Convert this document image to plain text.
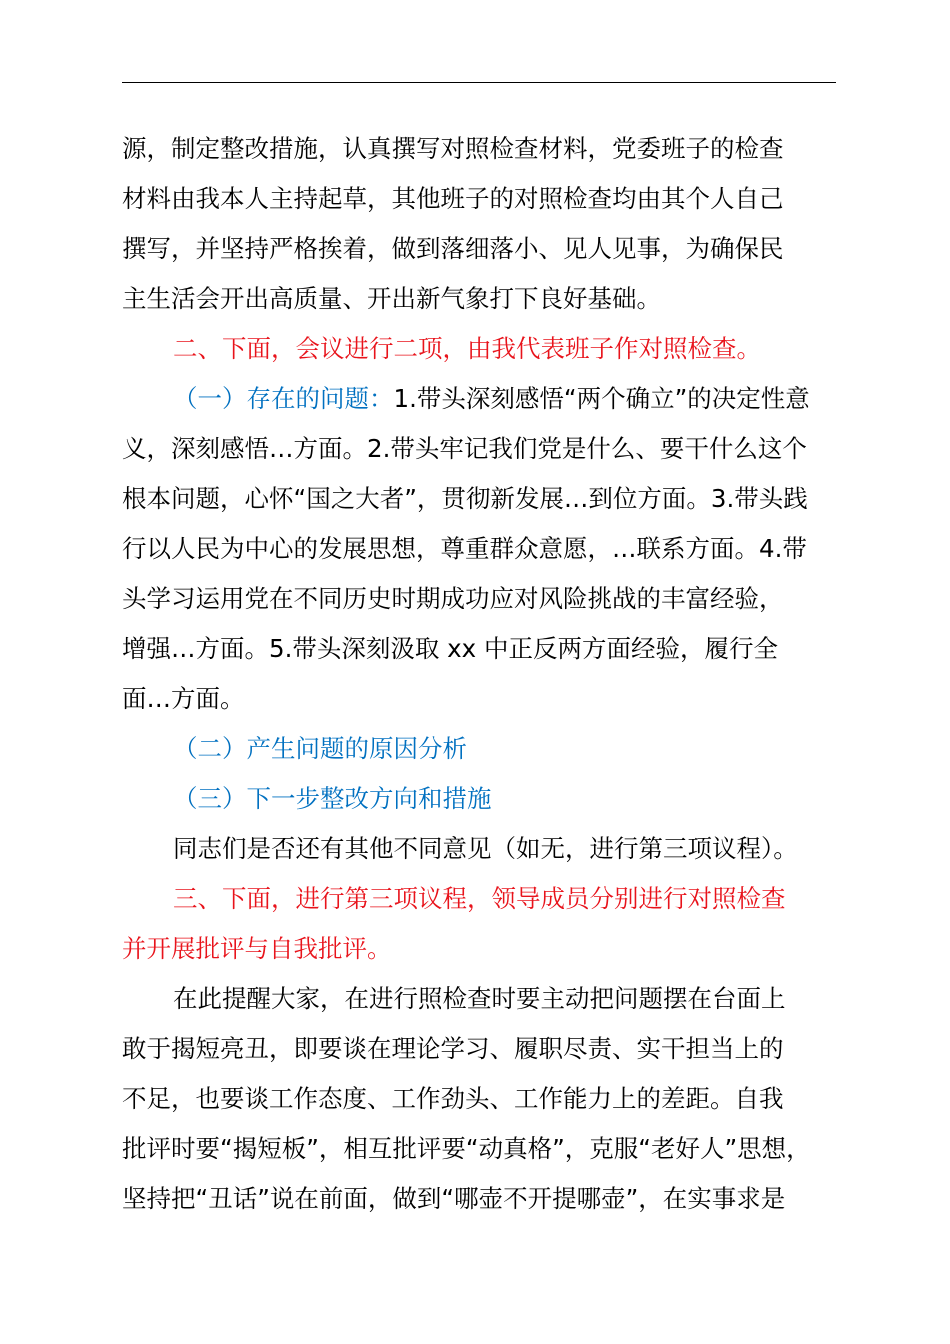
源，制定整改措施，认真撰写对照检查材料，党委班子的检查

材料由我本人主持起草，其他班子的对照检查均由其个人自己

撰写，并坚持严格挨着，做到落细落小、见人见事，为确保民

主生活会开出高质量、开出新气象打下良好基础。

二、下面，会议进行二项，由我代表班子作对照检查。

（一）存在的问题：1.带头深刻感悟“两个确立”的决定性意

义，深刻感悟…方面。2.带头牢记我们党是什么、要干什么这个

根本问题，心怀“国之大者”，贯彻新发展…到位方面。3.带头践

行以人民为中心的发展思想，尊重群众意愿，…联系方面。4.带

头学习运用党在不同历史时期成功应对风险挑战的丰富经验，

增强…方面。5.带头深刻汲取 xx 中正反两方面经验，履行全

面…方面。

（二）产生问题的原因分析

（三）下一步整改方向和措施

同志们是否还有其他不同意见（如无，进行第三项议程）。

三、下面，进行第三项议程，领导成员分别进行对照检查

并开展批评与自我批评。

在此提醒大家，在进行照检查时要主动把问题摆在台面上

敢于揭短亮丑，即要谈在理论学习、履职尽责、实干担当上的

不足，也要谈工作态度、工作劲头、工作能力上的差距。自我

批评时要“揭短板”，相互批评要“动真格”，克服“老好人”思想，

坚持把“丑话”说在前面，做到“哪壶不开提哪壶”，在实事求是
